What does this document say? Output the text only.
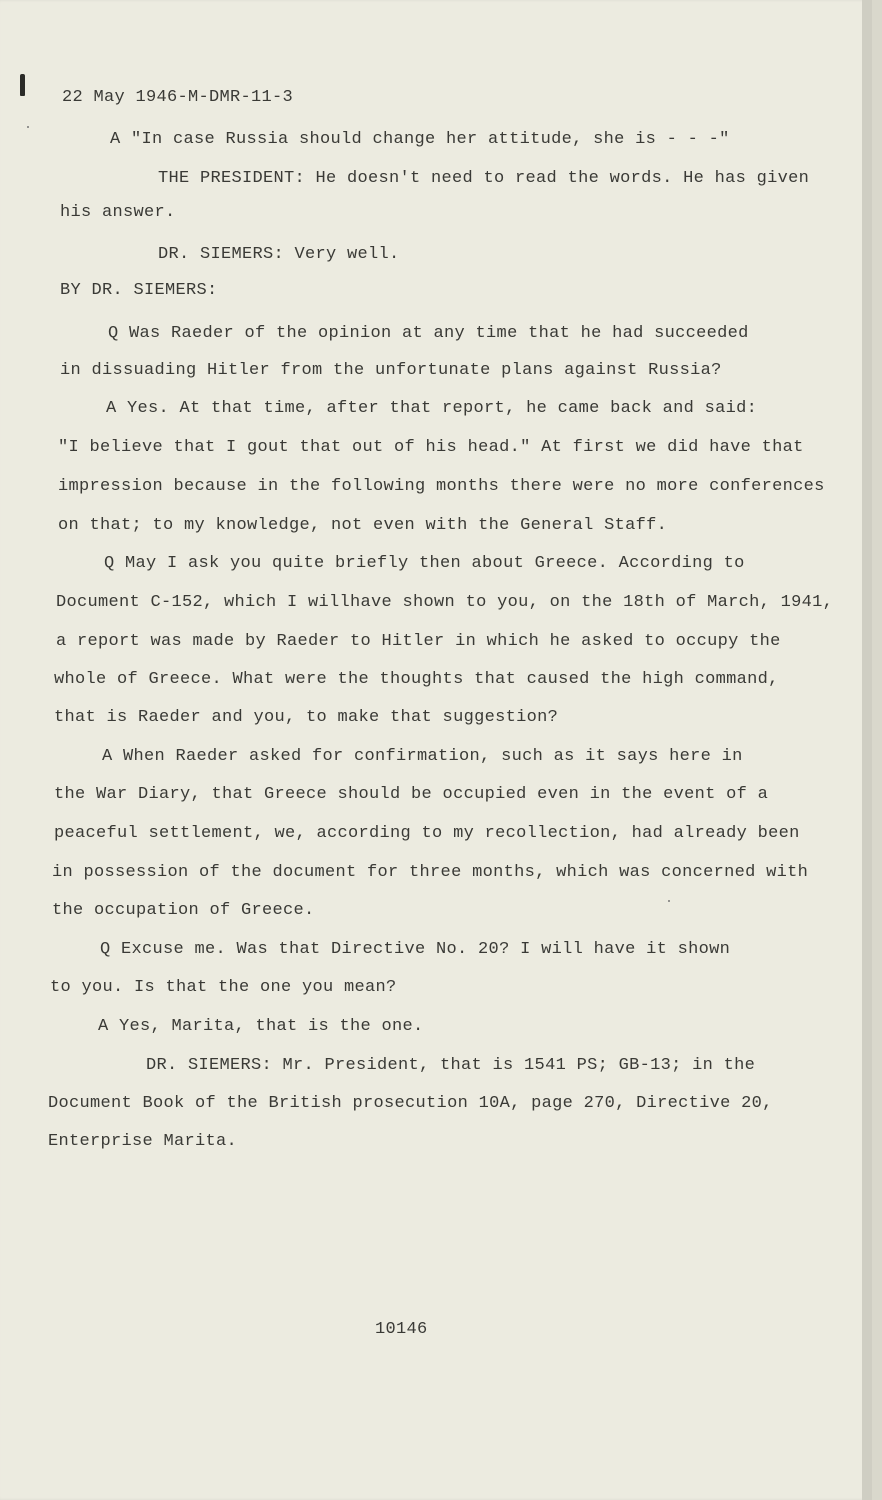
22 May 1946-M-DMR-11-3
A "In case Russia should change her attitude, she is - - -"
THE PRESIDENT: He doesn't need to read the words. He has given
his answer.
DR. SIEMERS: Very well.
BY DR. SIEMERS:
Q Was Raeder of the opinion at any time that he had succeeded
in dissuading Hitler from the unfortunate plans against Russia?
A Yes. At that time, after that report, he came back and said:
"I believe that I gout that out of his head." At first we did have that
impression because in the following months there were no more conferences
on that; to my knowledge, not even with the General Staff.
Q May I ask you quite briefly then about Greece. According to
Document C-152, which I willhave shown to you, on the 18th of March, 1941,
a report was made by Raeder to Hitler in which he asked to occupy the
whole of Greece. What were the thoughts that caused the high command,
that is Raeder and you, to make that suggestion?
A When Raeder asked for confirmation, such as it says here in
the War Diary, that Greece should be occupied even in the event of a
peaceful settlement, we, according to my recollection, had already been
in possession of the document for three months, which was concerned with
the occupation of Greece.
Q Excuse me. Was that Directive No. 20? I will have it shown
to you. Is that the one you mean?
A Yes, Marita, that is the one.
DR. SIEMERS: Mr. President, that is 1541 PS; GB-13; in the
Document Book of the British prosecution 10A, page 270, Directive 20,
Enterprise Marita.
10146
